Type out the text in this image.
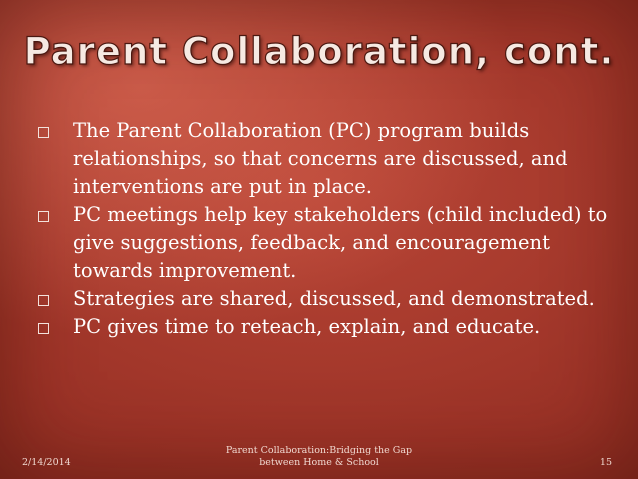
Parent Collaboration, cont.
The Parent Collaboration (PC) program builds relationships, so that concerns are discussed, and interventions are put in place.
PC meetings help key stakeholders (child included) to give suggestions, feedback, and encouragement towards improvement.
Strategies are shared, discussed, and demonstrated.
PC gives time to reteach, explain, and educate.
2/14/2014
Parent Collaboration:Bridging the Gap
between Home & School	15
